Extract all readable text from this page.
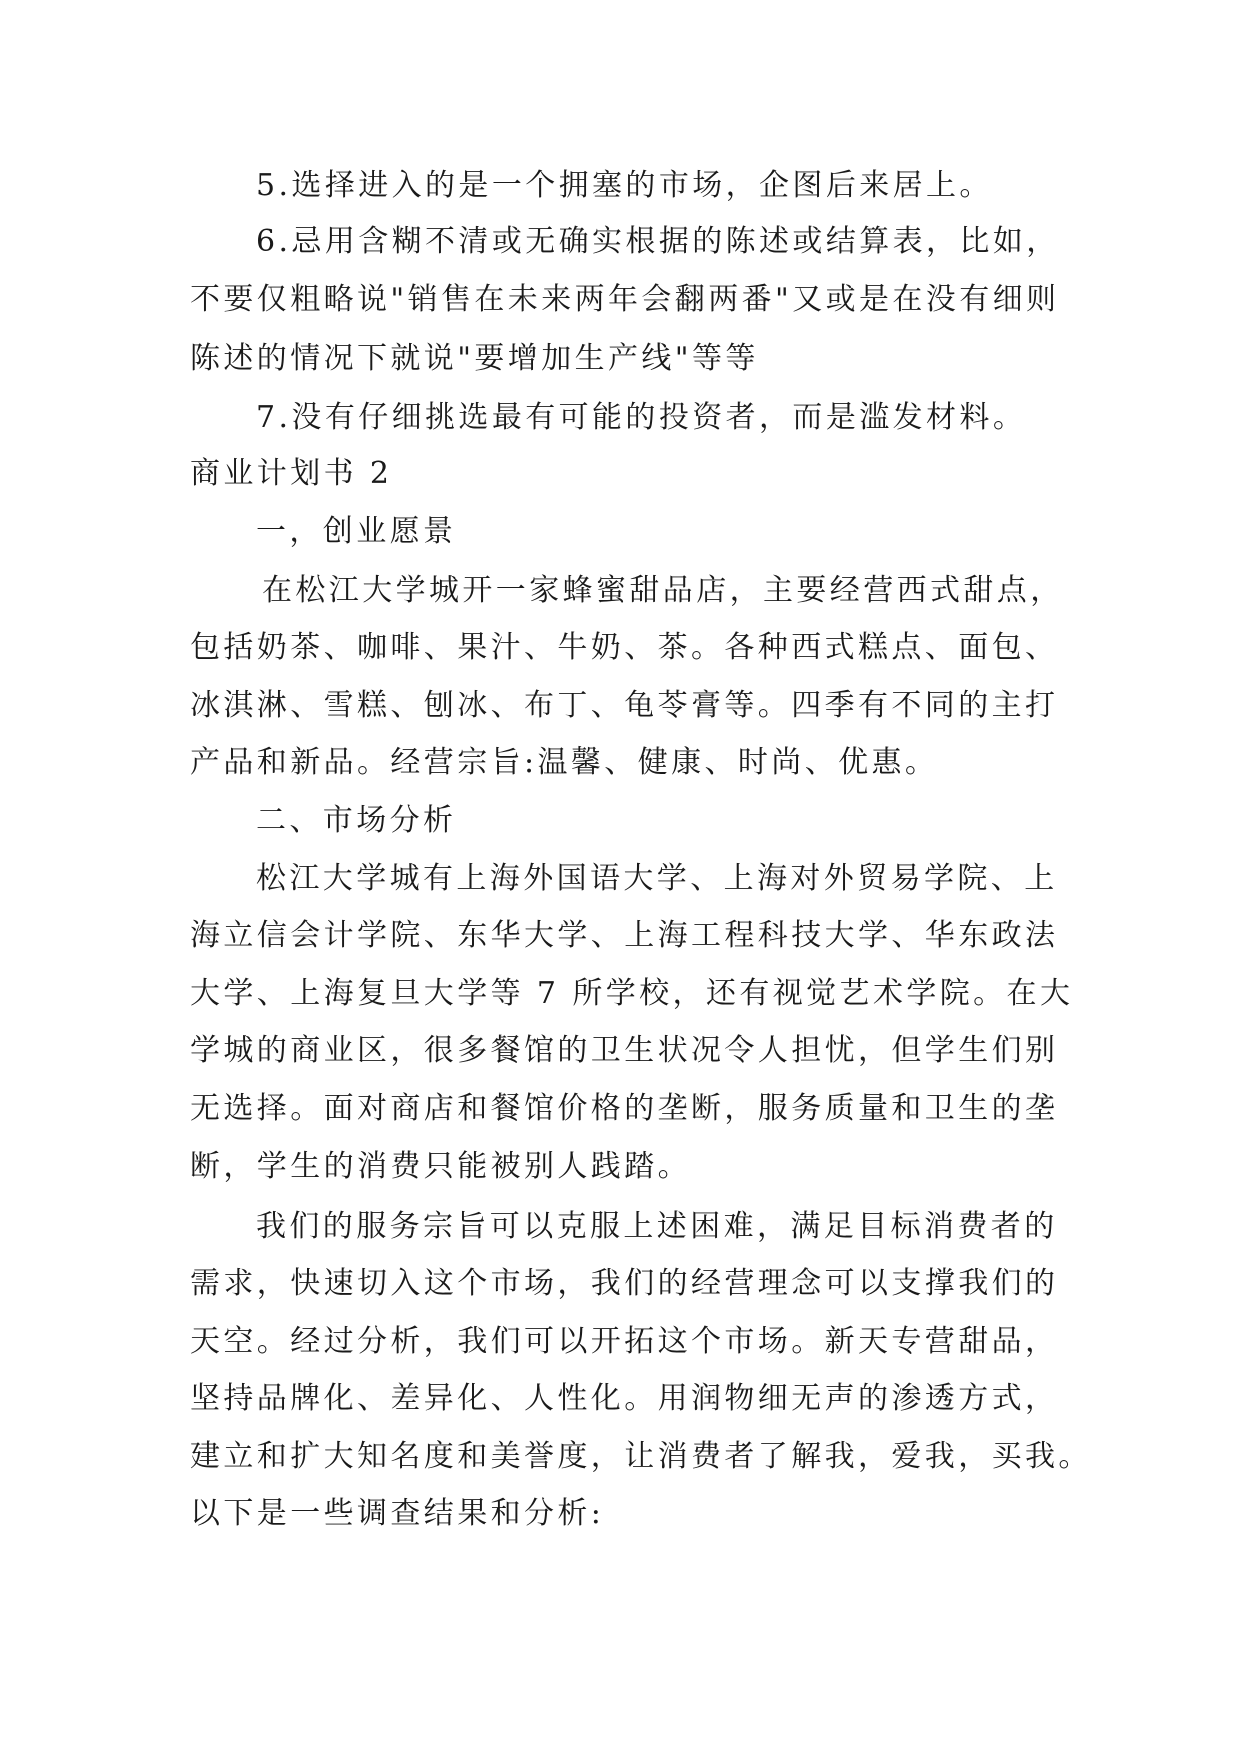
5.选择进入的是一个拥塞的市场，企图后来居上。
6.忌用含糊不清或无确实根据的陈述或结算表，比如，
不要仅粗略说"销售在未来两年会翻两番"又或是在没有细则
陈述的情况下就说"要增加生产线"等等
7.没有仔细挑选最有可能的投资者，而是滥发材料。
商业计划书 2
一，创业愿景
在松江大学城开一家蜂蜜甜品店，主要经营西式甜点，
包括奶茶、咖啡、果汁、牛奶、茶。各种西式糕点、面包、
冰淇淋、雪糕、刨冰、布丁、龟苓膏等。四季有不同的主打
产品和新品。经营宗旨:温馨、健康、时尚、优惠。
二、市场分析
松江大学城有上海外国语大学、上海对外贸易学院、上
海立信会计学院、东华大学、上海工程科技大学、华东政法
大学、上海复旦大学等 7 所学校，还有视觉艺术学院。在大
学城的商业区，很多餐馆的卫生状况令人担忧，但学生们别
无选择。面对商店和餐馆价格的垄断，服务质量和卫生的垄
断，学生的消费只能被别人践踏。
我们的服务宗旨可以克服上述困难，满足目标消费者的
需求，快速切入这个市场，我们的经营理念可以支撑我们的
天空。经过分析，我们可以开拓这个市场。新天专营甜品，
坚持品牌化、差异化、人性化。用润物细无声的渗透方式，
建立和扩大知名度和美誉度，让消费者了解我，爱我，买我。
以下是一些调查结果和分析:
